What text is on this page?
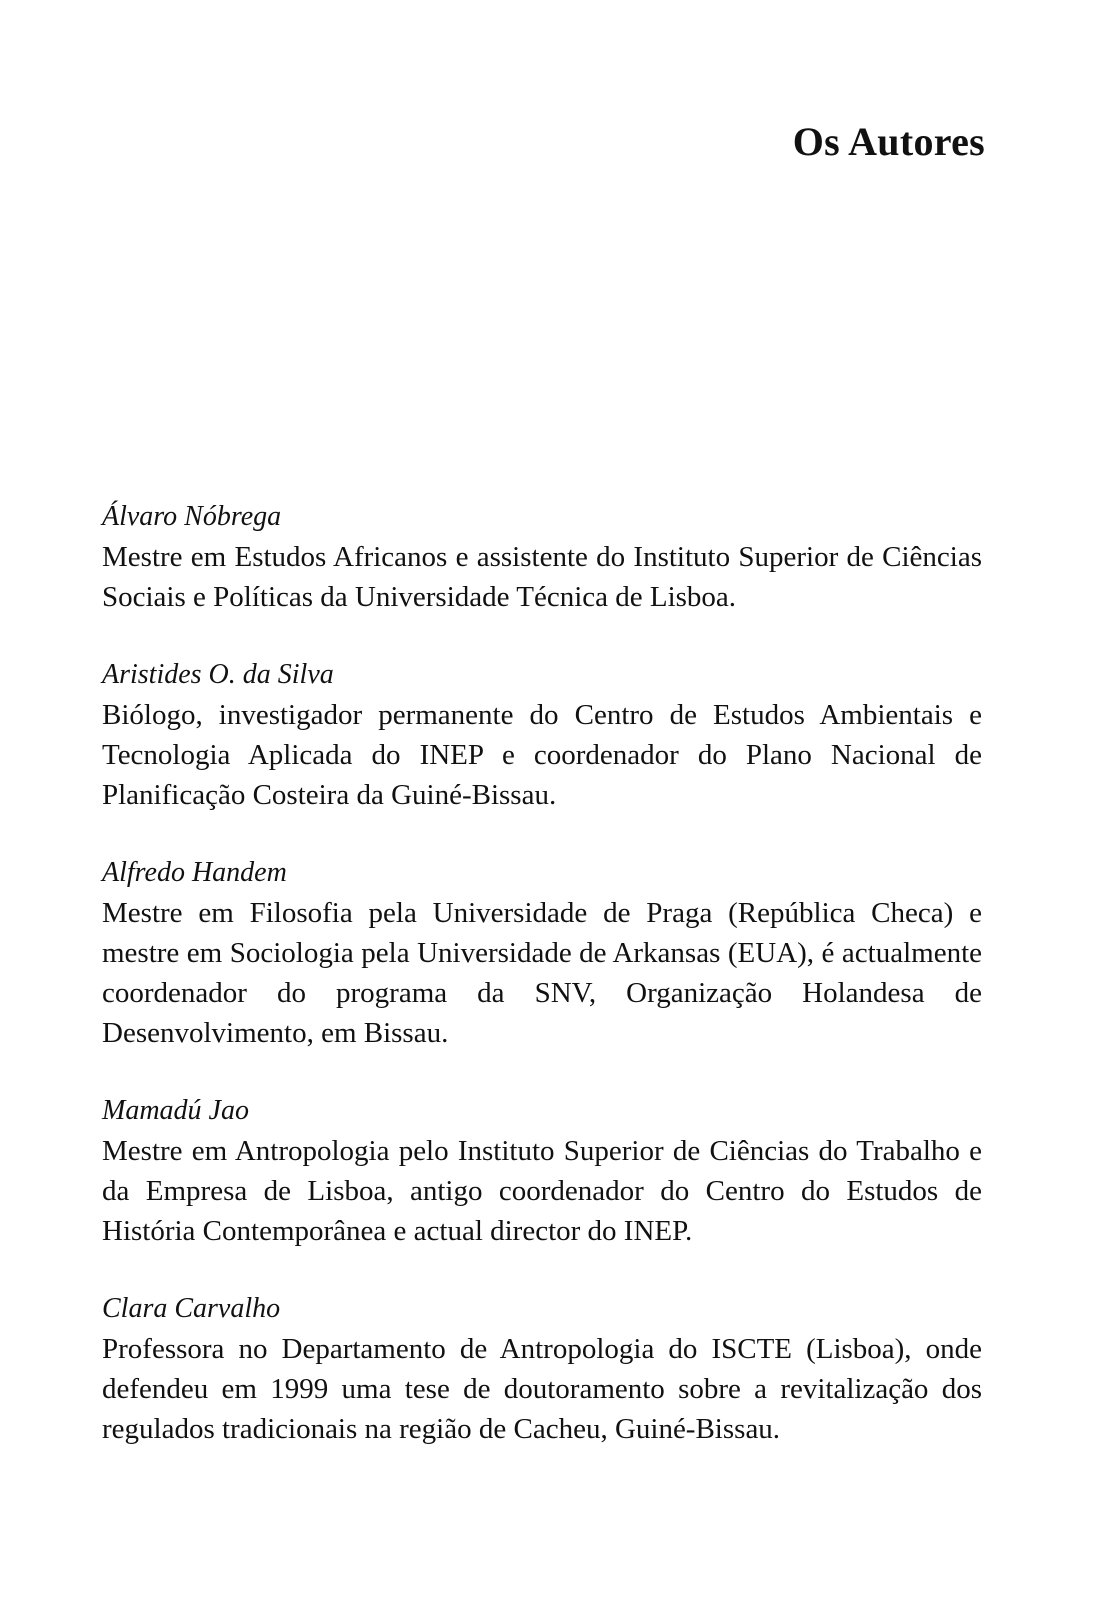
Os Autores
Álvaro Nóbrega

Mestre em Estudos Africanos e assistente do Instituto Superior de Ciências Sociais e Políticas da Universidade Técnica de Lisboa.

Aristides O. da Silva

Biólogo, investigador permanente do Centro de Estudos Ambientais e Tecnologia Aplicada do INEP e coordenador do Plano Nacional de Planificação Costeira da Guiné-Bissau.

Alfredo Handem

Mestre em Filosofia pela Universidade de Praga (República Checa) e mestre em Sociologia pela Universidade de Arkansas (EUA), é actualmente coordenador do programa da SNV, Organização Holandesa de Desenvolvimento, em Bissau.

Mamadú Jao

Mestre em Antropologia pelo Instituto Superior de Ciências do Trabalho e da Empresa de Lisboa, antigo coordenador do Centro do Estudos de História Contemporânea e actual director do INEP.

Clara Carvalho

Professora no Departamento de Antropologia do ISCTE (Lisboa), onde defendeu em 1999 uma tese de doutoramento sobre a revitalização dos regulados tradicionais na região de Cacheu, Guiné-Bissau.
